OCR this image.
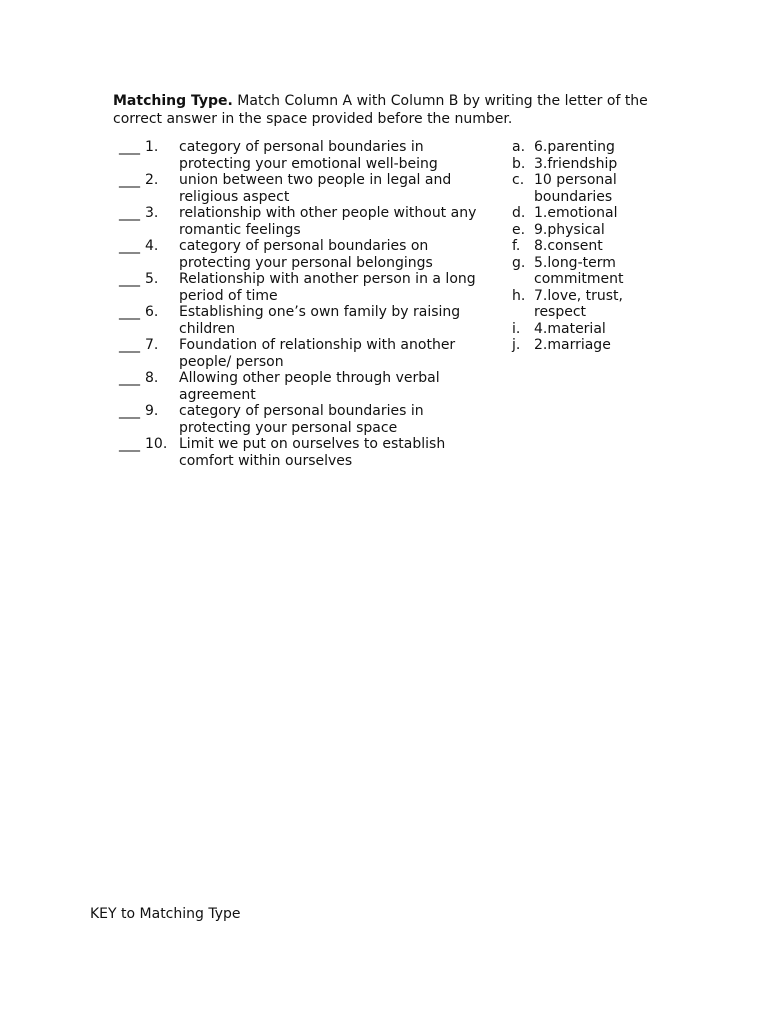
Matching Type. Match Column A with Column B by writing the letter of the correct answer in the space provided before the number.
___ 1.	category of personal boundaries in protecting your emotional well-being
___ 2.	union between two people in legal and religious aspect
___ 3.	relationship with other people without any romantic feelings
___ 4.	category of personal boundaries on protecting your personal belongings
___ 5.	Relationship with another person in a long period of time
___ 6.	Establishing one’s own family by raising children
___ 7.	Foundation of relationship with another people/ person
___ 8.	Allowing other people through verbal agreement
___ 9.	category of personal boundaries in protecting your personal space
___ 10. Limit we put on ourselves to establish comfort within ourselves
a. 6.parenting
b. 3.friendship
c. 10 personal boundaries
d. 1.emotional
e. 9.physical
f. 8.consent
g. 5.long-term commitment
h. 7.love, trust, respect
i. 4.material
j. 2.marriage
KEY to Matching Type
